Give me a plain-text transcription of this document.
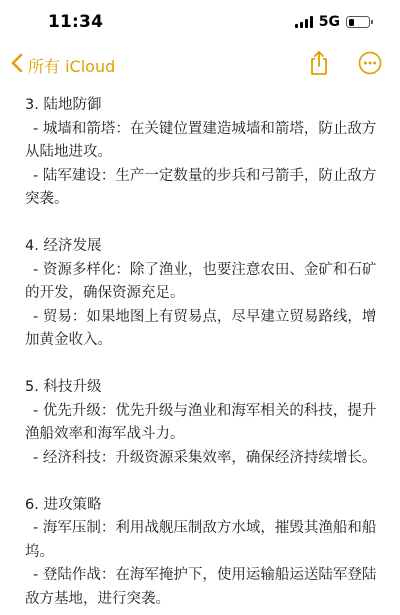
11:34	5G
所有 iCloud

3. 陆地防御

- 城墙和箭塔：在关键位置建造城墙和箭塔，防止敌方从陆地进攻。

- 陆军建设：生产一定数量的步兵和弓箭手，防止敌方突袭。

4. 经济发展

- 资源多样化：除了渔业，也要注意农田、金矿和石矿的开发，确保资源充足。

- 贸易：如果地图上有贸易点，尽早建立贸易路线，增加黄金收入。

5. 科技升级

- 优先升级：优先升级与渔业和海军相关的科技，提升渔船效率和海军战斗力。

- 经济科技：升级资源采集效率，确保经济持续增长。

6. 进攻策略

- 海军压制：利用战舰压制敌方水域，摧毁其渔船和船坞。

- 登陆作战：在海军掩护下，使用运输船运送陆军登陆敌方基地，进行突袭。
